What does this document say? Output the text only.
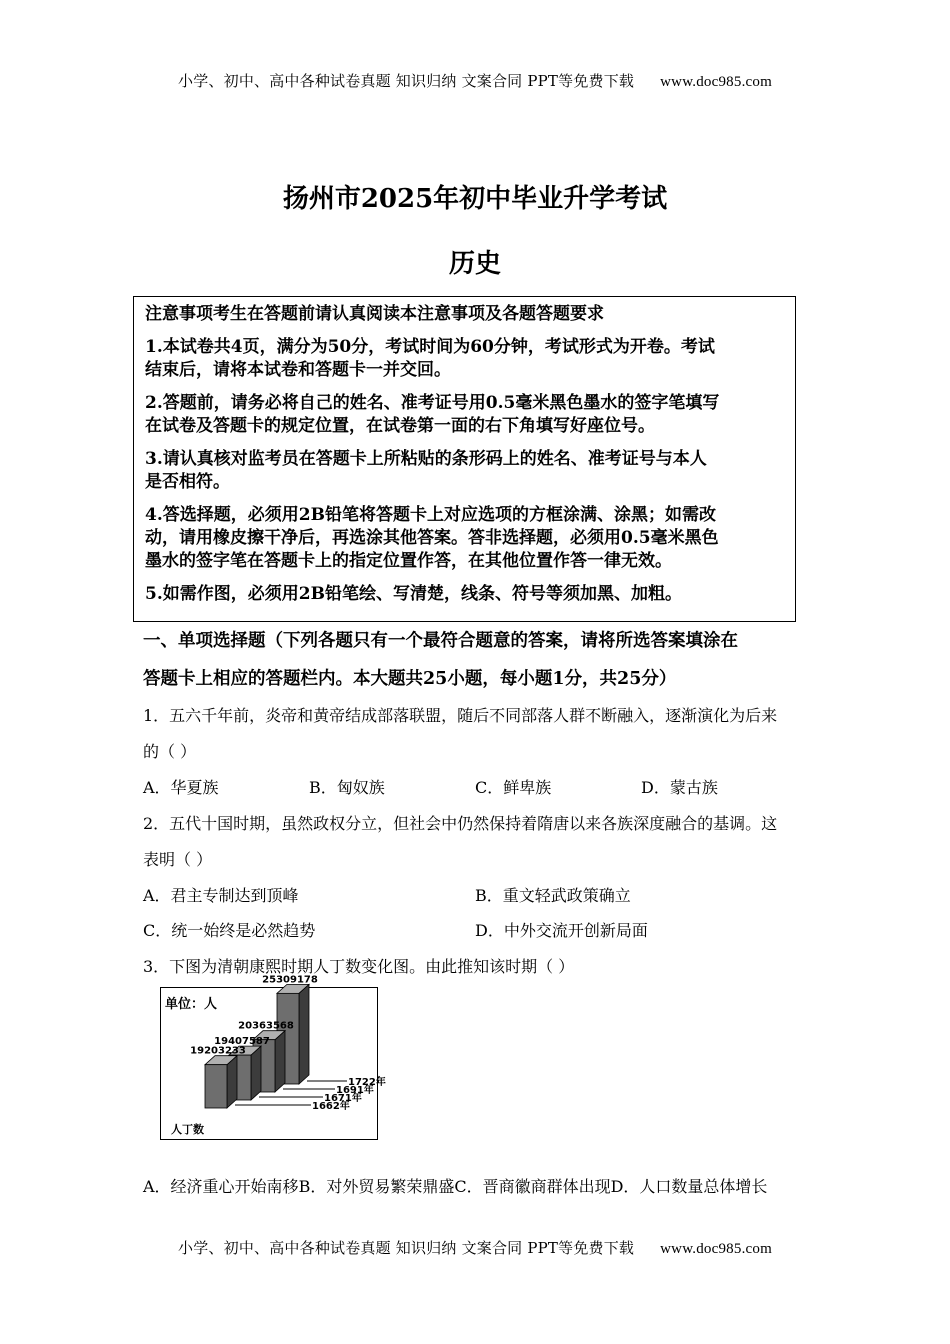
小学、初中、高中各种试卷真题 知识归纳 文案合同 PPT等免费下载 www.doc985.com
扬州市2025年初中毕业升学考试
历史

注意事项考生在答题前请认真阅读本注意事项及各题答题要求

1.本试卷共4页，满分为50分，考试时间为60分钟，考试形式为开卷。考试
结束后，请将本试卷和答题卡一并交回。

2.答题前，请务必将自己的姓名、准考证号用0.5毫米黑色墨水的签字笔填写
在试卷及答题卡的规定位置，在试卷第一面的右下角填写好座位号。

3.请认真核对监考员在答题卡上所粘贴的条形码上的姓名、准考证号与本人
是否相符。

4.答选择题，必须用2B铅笔将答题卡上对应选项的方框涂满、涂黑；如需改
动，请用橡皮擦干净后，再选涂其他答案。答非选择题，必须用0.5毫米黑色
墨水的签字笔在答题卡上的指定位置作答，在其他位置作答一律无效。

5.如需作图，必须用2B铅笔绘、写清楚，线条、符号等须加黑、加粗。

一、单项选择题（下列各题只有一个最符合题意的答案，请将所选答案填涂在
答题卡上相应的答题栏内。本大题共25小题，每小题1分，共25分）
1．五六千年前，炎帝和黄帝结成部落联盟，随后不同部落人群不断融入，逐渐演化为后来
的（ ）
A．华夏族	B．匈奴族	C．鲜卑族	D．蒙古族
2．五代十国时期，虽然政权分立，但社会中仍然保持着隋唐以来各族深度融合的基调。这
表明（ ）
A．君主专制达到顶峰	B．重文轻武政策确立
C．统一始终是必然趋势	D．中外交流开创新局面
3．下图为清朝康熙时期人丁数变化图。由此推知该时期（ ）
单位：人
人丁数
25309178
1722年
20363568
1691年
19407587
1671年
19203233
1662年
A．经济重心开始南移B．对外贸易繁荣鼎盛C．晋商徽商群体出现D．人口数量总体增长
小学、初中、高中各种试卷真题 知识归纳 文案合同 PPT等免费下载 www.doc985.com
